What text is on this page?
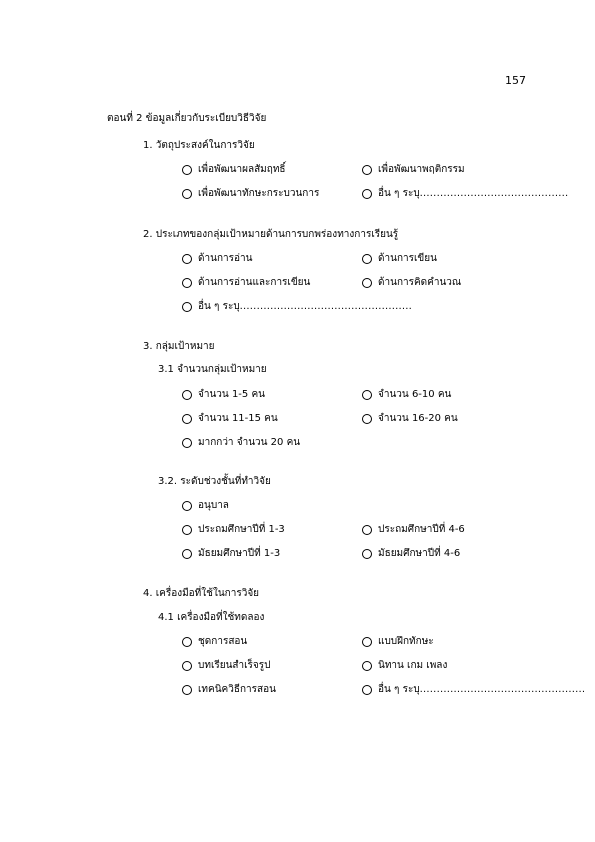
157
ตอนที่ 2 ข้อมูลเกี่ยวกับระเบียบวิธีวิจัย
1. วัตถุประสงค์ในการวิจัย
เพื่อพัฒนาผลสัมฤทธิ์	เพื่อพัฒนาพฤติกรรม
เพื่อพัฒนาทักษะกระบวนการ	อื่น ๆ ระบุ ............................................
2. ประเภทของกลุ่มเป้าหมายด้านการบกพร่องทางการเรียนรู้
ด้านการอ่าน	ด้านการเขียน
ด้านการอ่านและการเขียน	ด้านการคิดคำนวณ
อื่น ๆ ระบุ ...................................................
3. กลุ่มเป้าหมาย
3.1 จำนวนกลุ่มเป้าหมาย
จำนวน 1-5 คน	จำนวน 6-10 คน
จำนวน 11-15 คน	จำนวน 16-20 คน
มากกว่า จำนวน 20 คน
3.2. ระดับช่วงชั้นที่ทำวิจัย
อนุบาล
ประถมศึกษาปีที่ 1-3	ประถมศึกษาปีที่ 4-6
มัธยมศึกษาปีที่ 1-3	มัธยมศึกษาปีที่ 4-6
4. เครื่องมือที่ใช้ในการวิจัย
4.1 เครื่องมือที่ใช้ทดลอง
ชุดการสอน	แบบฝึกทักษะ
บทเรียนสำเร็จรูป	นิทาน เกม เพลง
เทคนิควิธีการสอน	อื่น ๆ ระบุ .................................................
